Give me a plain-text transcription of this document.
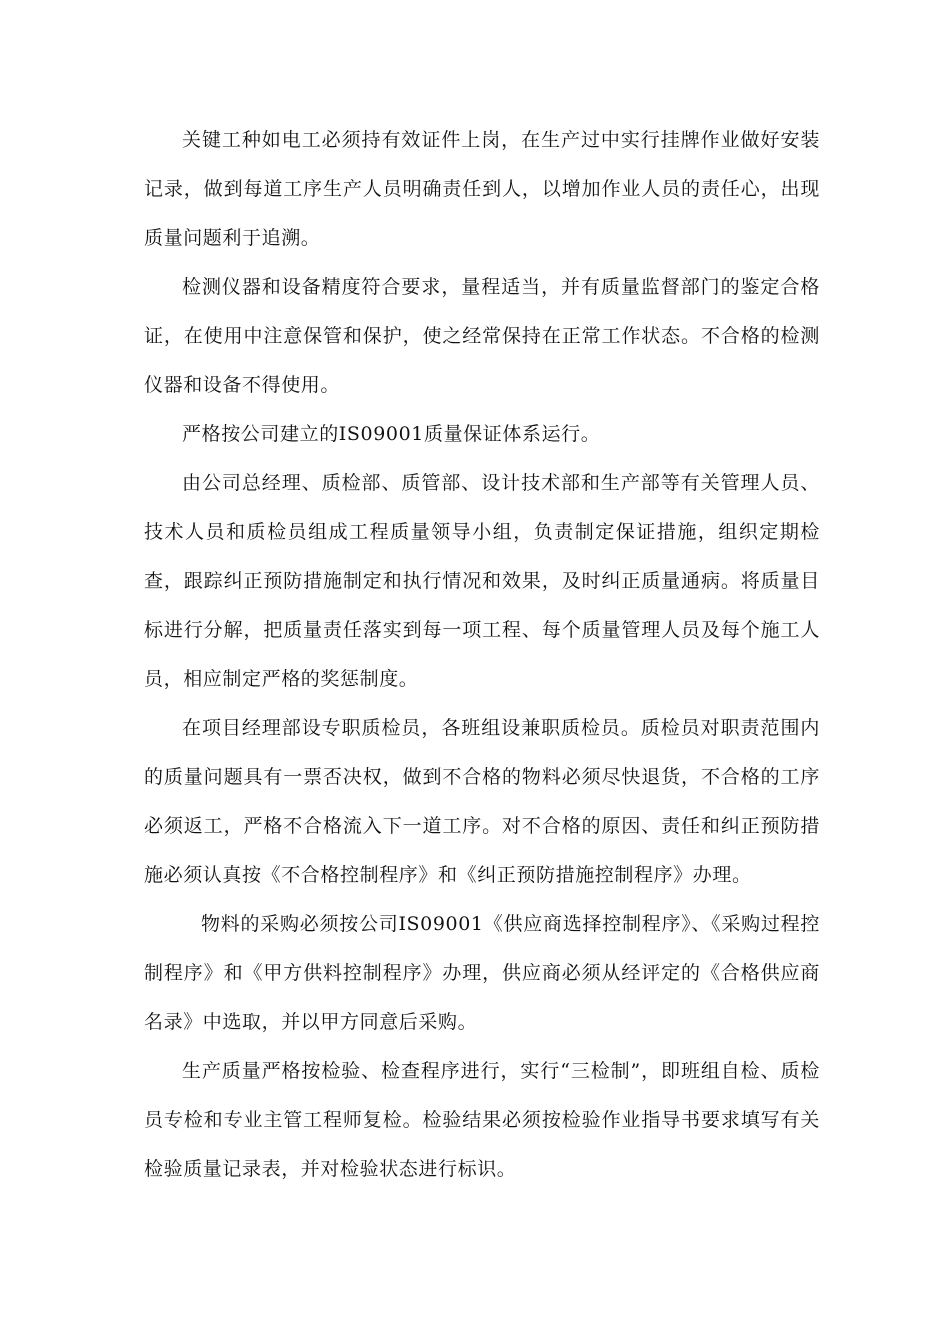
关键工种如电工必须持有效证件上岗，在生产过中实行挂牌作业做好安装记录，做到每道工序生产人员明确责任到人，以增加作业人员的责任心，出现质量问题利于追溯。

检测仪器和设备精度符合要求，量程适当，并有质量监督部门的鉴定合格证，在使用中注意保管和保护，使之经常保持在正常工作状态。不合格的检测仪器和设备不得使用。

严格按公司建立的IS09001质量保证体系运行。

由公司总经理、质检部、质管部、设计技术部和生产部等有关管理人员、技术人员和质检员组成工程质量领导小组，负责制定保证措施，组织定期检查，跟踪纠正预防措施制定和执行情况和效果，及时纠正质量通病。将质量目标进行分解，把质量责任落实到每一项工程、每个质量管理人员及每个施工人员，相应制定严格的奖惩制度。

在项目经理部设专职质检员，各班组设兼职质检员。质检员对职责范围内的质量问题具有一票否决权，做到不合格的物料必须尽快退货，不合格的工序必须返工，严格不合格流入下一道工序。对不合格的原因、责任和纠正预防措施必须认真按《不合格控制程序》和《纠正预防措施控制程序》办理。

物料的采购必须按公司IS09001《供应商选择控制程序》、《采购过程控制程序》和《甲方供料控制程序》办理，供应商必须从经评定的《合格供应商名录》中选取，并以甲方同意后采购。

生产质量严格按检验、检查程序进行，实行“三检制”，即班组自检、质检员专检和专业主管工程师复检。检验结果必须按检验作业指导书要求填写有关检验质量记录表，并对检验状态进行标识。
